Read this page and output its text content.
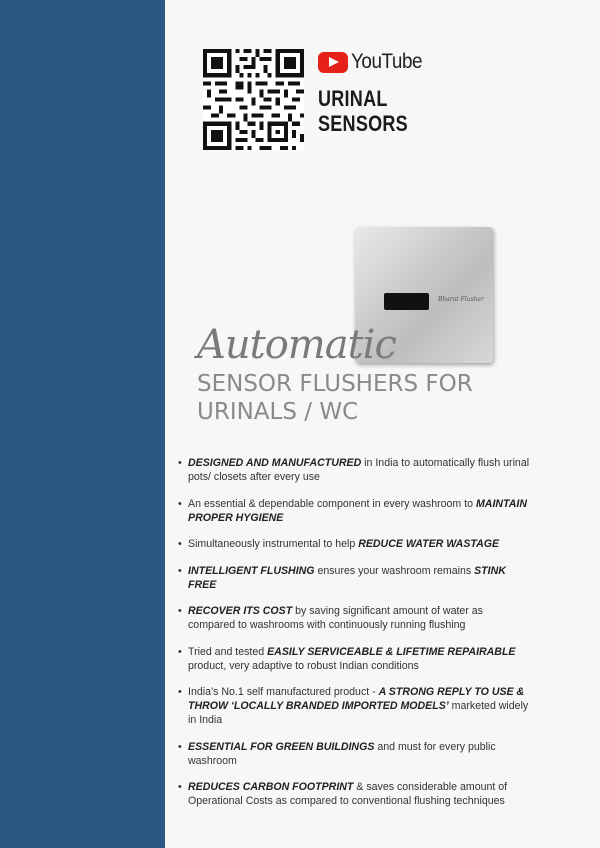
YouTube
URINAL
SENSORS
Bharat Flusher
Automatic
SENSOR FLUSHERS FOR
URINALS / WC
• DESIGNED AND MANUFACTURED in India to automatically flush urinal pots/ closets after every use
• An essential & dependable component in every washroom to MAINTAIN PROPER HYGIENE
• Simultaneously instrumental to help REDUCE WATER WASTAGE
• INTELLIGENT FLUSHING ensures your washroom remains STINK FREE
• RECOVER ITS COST by saving significant amount of water as compared to washrooms with continuously running flushing
• Tried and tested EASILY SERVICEABLE & LIFETIME REPAIRABLE product, very adaptive to robust Indian conditions
• India’s No.1 self manufactured product - A STRONG REPLY TO USE & THROW ‘LOCALLY BRANDED IMPORTED MODELS’ marketed widely in India
• ESSENTIAL FOR GREEN BUILDINGS and must for every public washroom
• REDUCES CARBON FOOTPRINT & saves considerable amount of Operational Costs as compared to conventional flushing techniques
